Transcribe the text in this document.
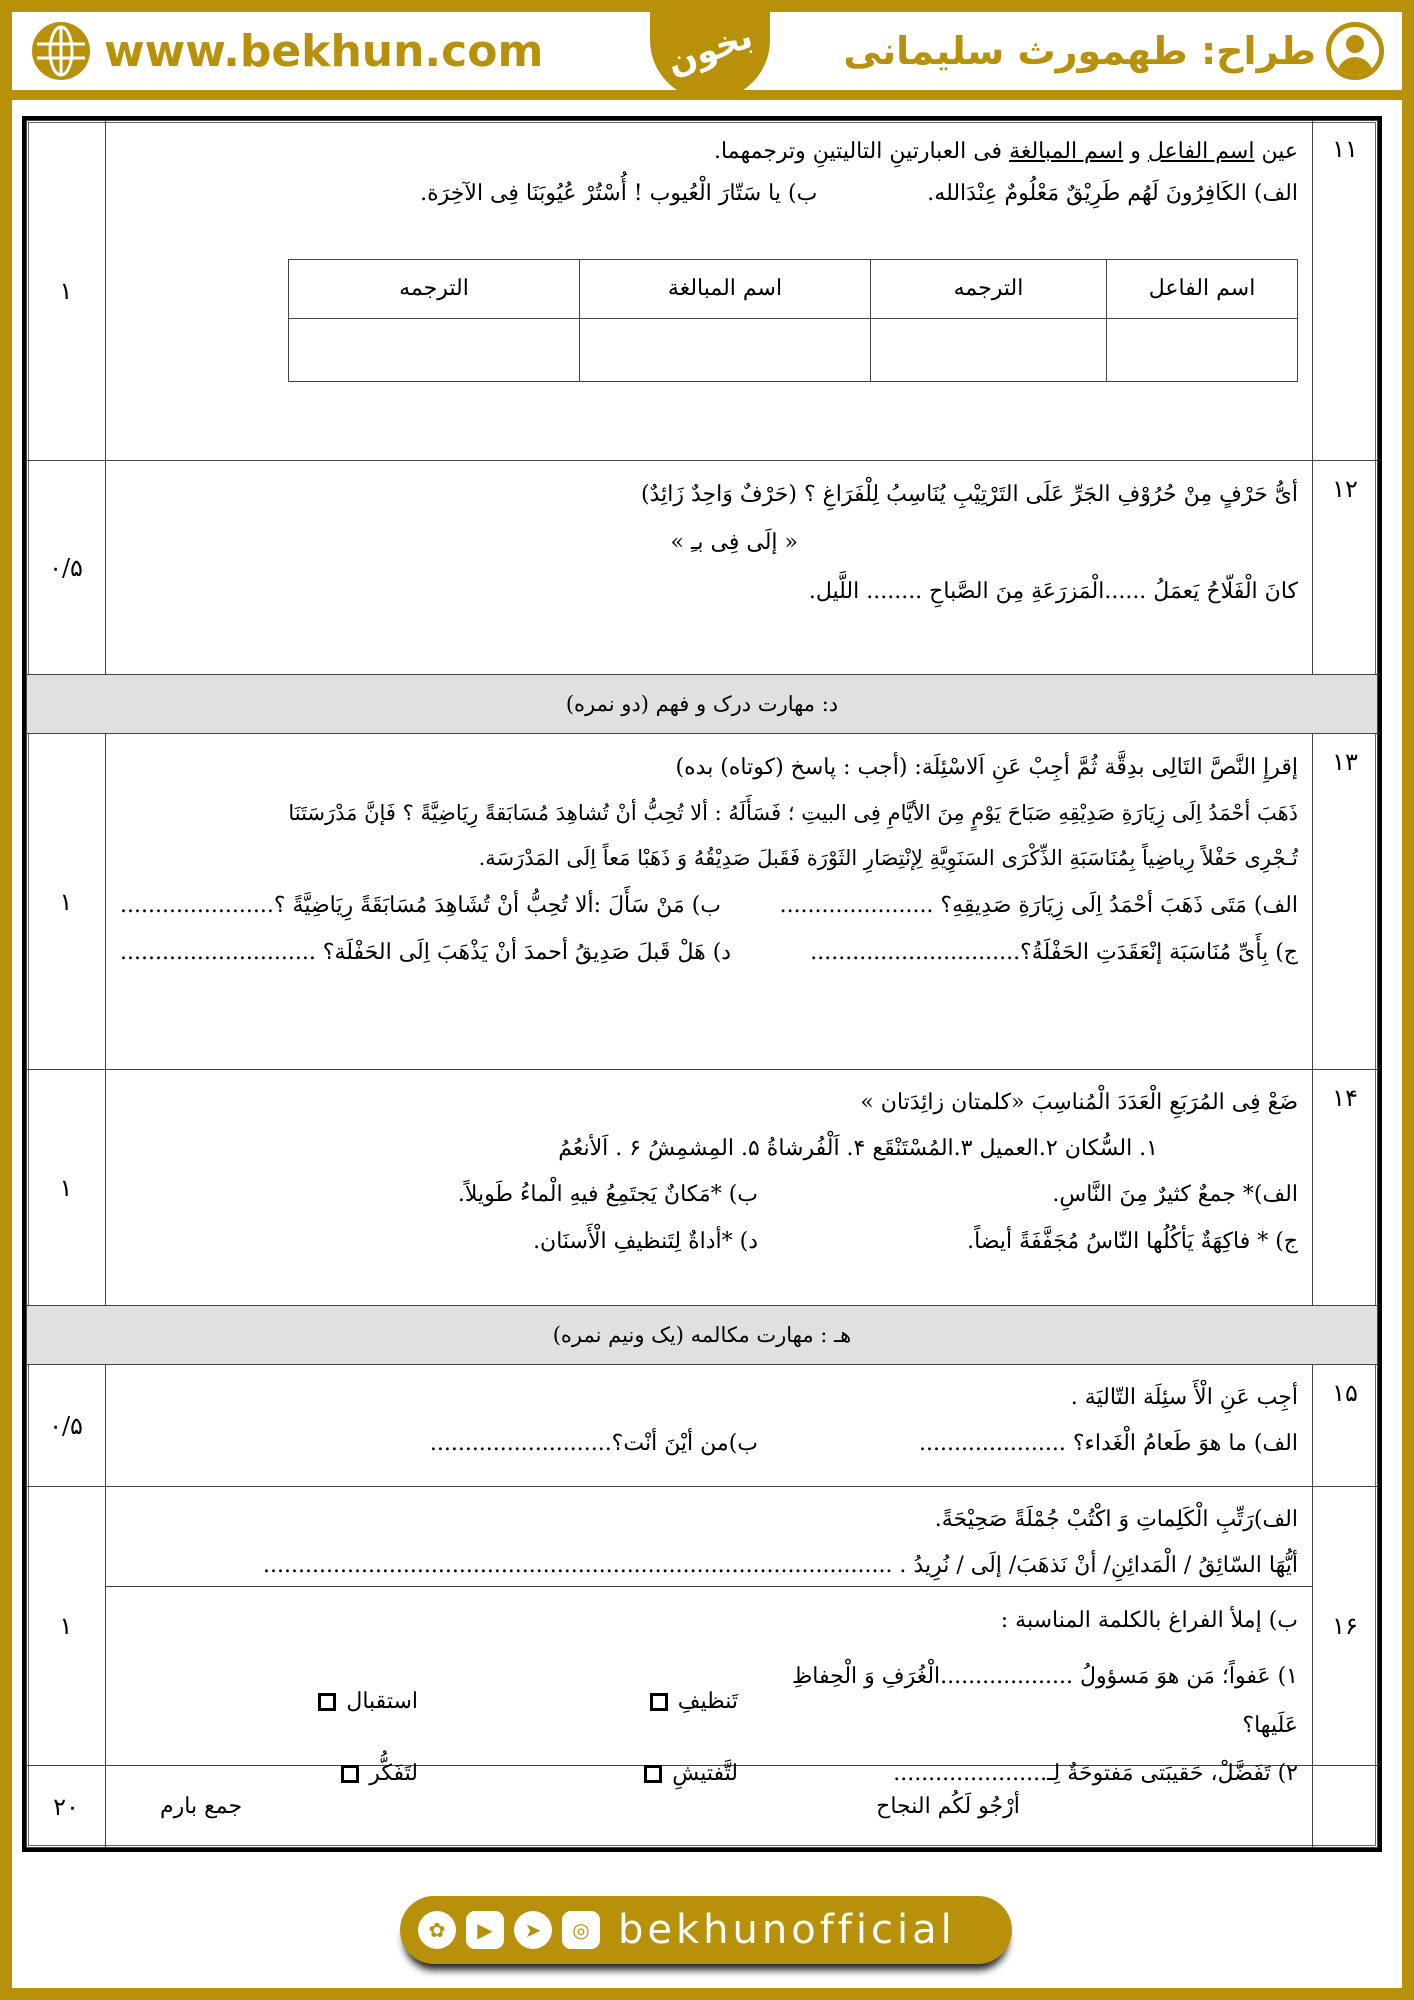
www.bekhun.com	بخون طراح: طهمورث سلیمانی
۱۱	
عین اسم الفاعل و اسم المبالغة فی العبارتینِ التالیتینِ وترجمهما.
الف) الکَافِرُونَ لَهُم طَرِیْقٌ مَعْلُومٌ عِنْدَالله.
ب) یا سَتّارَ الْعُیوب ! أُسْتُرْ عُیُوبَنَا فِی الآخِرَة.
اسم الفاعل	الترجمه	اسم المبالغة	الترجمه

	۱
۱۲	
أیُّ حَرْفٍ مِنْ حُرُوْفِ الجَرِّ عَلَی التَرْتِیْبِ یُنَاسِبُ لِلْفَرَاغِ ؟ (حَرْفٌ وَاحِدٌ زَائِدٌ)
« إلَی فِی بـِ »
کانَ الْفَلّاحُ یَعمَلُ ......الْمَزرَعَةِ مِنَ الصَّباحِ ........ اللَّیل.
	۰/۵
د: مهارت درک و فهم (دو نمره)
۱۳	
إقرإِ النَّصَّ التَالِی بدِقَّة ثُمَّ أجِبْ عَنِ اَلاسْئِلَة: (أجب : پاسخ (کوتاه) بده)
ذَهَبَ أحْمَدُ اِلَی زِیَارَةِ صَدِیْقِهِ صَبَاحَ یَوْمٍ مِنَ الأیَّامِ فِی البیتِ ؛ فَسَأَلَهُ : ألا تُحِبُّ أنْ تُشاهِدَ مُسَابَقةً رِیَاضِیَّةً ؟ فَإنَّ مَدْرَسَتَنَا
تُـجْرِی حَفْلاً رِیاضِیاً بِمُنَاسَبَةِ الذِّکْرَی السَنَوِیَّةِ لِإنْتِصَارِ الثَوْرَة فَقَبلَ صَدِیْقُهُ وَ ذَهَبْا مَعاً اِلَی المَدْرَسَة.
الف) مَتَی ذَهَبَ أحْمَدُ اِلَی زِیَارَةِ صَدِیقِهِ؟ ......................
ب) مَنْ سَأَلَ :ألا تُحِبُّ أنْ تُشَاهِدَ مُسَابَقَةً رِیَاضِیَّةً ؟......................
ج) بِأَیِّ مُنَاسَبَة إنْعَقَدَتِ الحَفْلَةُ؟..............................
د) هَلْ قَبلَ صَدِیقُ أحمدَ أنْ یَذْهَبَ اِلَی الحَفْلَة؟ ............................
	۱
۱۴	
ضَعْ فِی المُرَبَعِ الْعَدَدَ الْمُناسِبَ «کلمتان زائِدَتان »
۱. السُّکان ۲.العمیل ۳.المُسْتَنْقَع ۴. اَلْفُرشاةُ ۵. المِشمِشُ ۶ . اَلأنعُمُ
الف)* جمعٌ کثیرٌ مِنَ النَّاسِ.
ب) *مَکانٌ یَجتَمِعُ فیهِ الْماءُ طَویلاً.
ج) * فاکِهَةٌ یَأکُلُها النّاسُ مُجَفَّفَةً أیضاً.
د) *أداةٌ لِتَنظیفِ الْأَسنَان.
	۱
هـ : مهارت مکالمه (یک ونیم نمره)
۱۵	
أجِب عَنِ الْأَ سئِلَة التّالیَة .
الف) ما هوَ طَعامُ الْغَداء؟ .....................
ب)من أیْنَ أنْت؟..........................
	۰/۵
۱۶	
الف)رَتِّبِ الْکَلِماتِ وَ اکْتُبْ جُمْلَةً صَحِیْحَةً.
أیُّهَا السّائِقُ / الْمَدائِنِ/ أنْ نَذهَبَ/ إلَی / نُرِیدُ . ..........................................................................................
ب) إملأ الفراغ بالکلمة المناسبة :
۱) عَفواً؛ مَن هوَ مَسؤولُ ...................الْغُرَفِ وَ الْحِفاظِ عَلَیها؟
تَنظیفِ
استقبال
۲) تَفَضَّلْ، حَقیبَتی مَفتوحَةٌ لِـ......................
لتَّفتیشِ
لتَفَکُّر
	۱

أرْجُو لَکُم النجاح
جمع بارم
	۲۰
✿	▶	➤	◎ bekhunofficial
